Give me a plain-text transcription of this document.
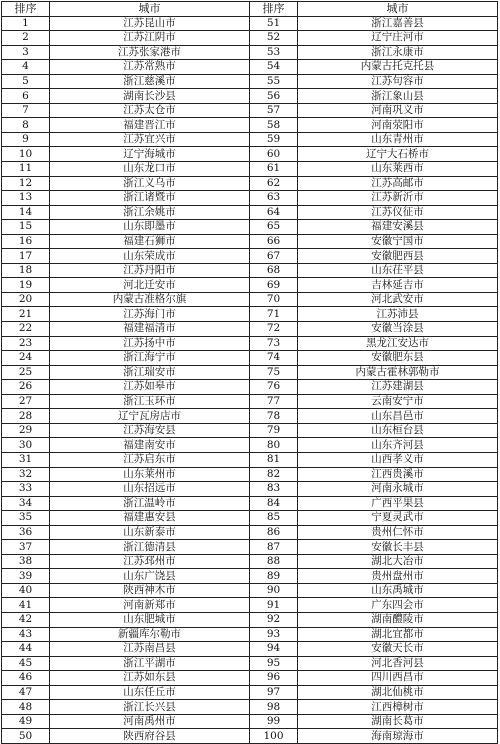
排序	城市	排序	城市
1	江苏昆山市	51	浙江嘉善县
2	江苏江阴市	52	辽宁庄河市
3	江苏张家港市	53	浙江永康市
4	江苏常熟市	54	内蒙古托克托县
5	浙江慈溪市	55	江苏句容市
6	湖南长沙县	56	浙江象山县
7	江苏太仓市	57	河南巩义市
8	福建晋江市	58	河南荥阳市
9	江苏宜兴市	59	山东青州市
10	辽宁海城市	60	辽宁大石桥市
11	山东龙口市	61	山东莱西市
12	浙江义乌市	62	江苏高邮市
13	浙江诸暨市	63	江苏新沂市
14	浙江余姚市	64	江苏仪征市
15	山东即墨市	65	福建安溪县
16	福建石狮市	66	安徽宁国市
17	山东荣成市	67	安徽肥西县
18	江苏丹阳市	68	山东茌平县
19	河北迁安市	69	吉林延吉市
20	内蒙古准格尔旗	70	河北武安市
21	江苏海门市	71	江苏沛县
22	福建福清市	72	安徽当涂县
23	江苏扬中市	73	黑龙江安达市
24	浙江海宁市	74	安徽肥东县
25	浙江瑞安市	75	内蒙古霍林郭勒市
26	江苏如皋市	76	江苏建湖县
27	浙江玉环市	77	云南安宁市
28	辽宁瓦房店市	78	山东昌邑市
29	江苏海安县	79	山东桓台县
30	福建南安市	80	山东齐河县
31	江苏启东市	81	山西孝义市
32	山东莱州市	82	江西贵溪市
33	山东招远市	83	河南永城市
34	浙江温岭市	84	广西平果县
35	福建惠安县	85	宁夏灵武市
36	山东新泰市	86	贵州仁怀市
37	浙江德清县	87	安徽长丰县
38	江苏邳州市	88	湖北大冶市
39	山东广饶县	89	贵州盘州市
40	陕西神木市	90	山东禹城市
41	河南新郑市	91	广东四会市
42	山东肥城市	92	湖南醴陵市
43	新疆库尔勒市	93	湖北宜都市
44	江苏南昌县	94	安徽天长市
45	浙江平湖市	95	河北香河县
46	江苏如东县	96	四川西昌市
47	山东任丘市	97	湖北仙桃市
48	浙江长兴县	98	江西樟树市
49	河南禹州市	99	湖南长葛市
50	陕西府谷县	100	海南琼海市
